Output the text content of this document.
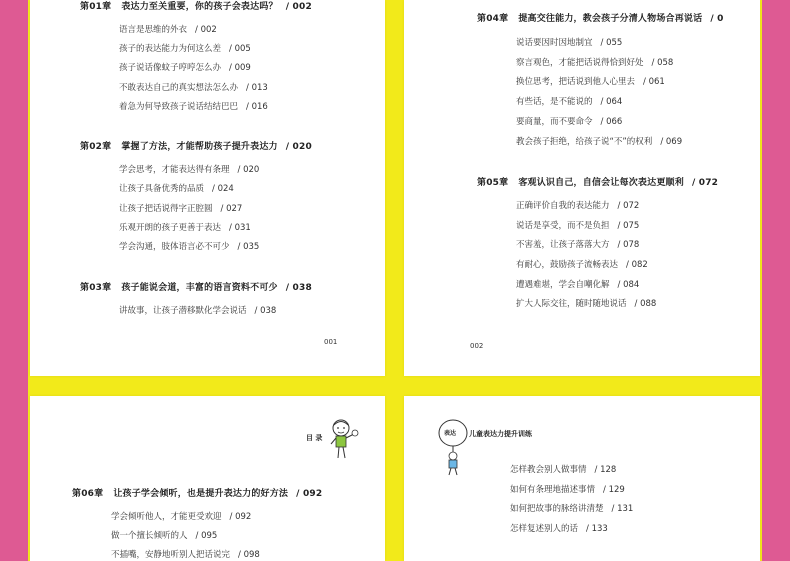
第01章 表达力至关重要，你的孩子会表达吗？ / 002
语言是思维的外衣 / 002
孩子的表达能力为何这么差 / 005
孩子说话像蚊子哼哼怎么办 / 009
不敢表达自己的真实想法怎么办 / 013
着急为何导致孩子说话结结巴巴 / 016
第02章 掌握了方法，才能帮助孩子提升表达力 / 020
学会思考，才能表达得有条理 / 020
让孩子具备优秀的品质 / 024
让孩子把话说得字正腔圆 / 027
乐观开朗的孩子更善于表达 / 031
学会沟通，肢体语言必不可少 / 035
第03章 孩子能说会道，丰富的语言资料不可少 / 038
讲故事，让孩子潜移默化学会说话 / 038
001
第04章 提高交往能力，教会孩子分清人物场合再说话 / 0
说话要因时因地制宜 / 055
察言观色，才能把话说得恰到好处 / 058
换位思考，把话说到他人心里去 / 061
有些话，是不能说的 / 064
要商量，而不要命令 / 066
教会孩子拒绝，给孩子说“不”的权利 / 069
第05章 客观认识自己，自信会让每次表达更顺利 / 072
正确评价自我的表达能力 / 072
说话是享受，而不是负担 / 075
不害羞，让孩子落落大方 / 078
有耐心，鼓励孩子流畅表达 / 082
遭遇难堪，学会自嘲化解 / 084
扩大人际交往，随时随地说话 / 088
002
目 录
第06章 让孩子学会倾听，也是提升表达力的好方法 / 092
学会倾听他人，才能更受欢迎 / 092
做一个擅长倾听的人 / 095
不插嘴，安静地听别人把话说完 / 098
表达 儿童表达力提升训练
怎样教会别人做事情 / 128
如何有条理地描述事情 / 129
如何把故事的脉络讲清楚 / 131
怎样复述别人的话 / 133
